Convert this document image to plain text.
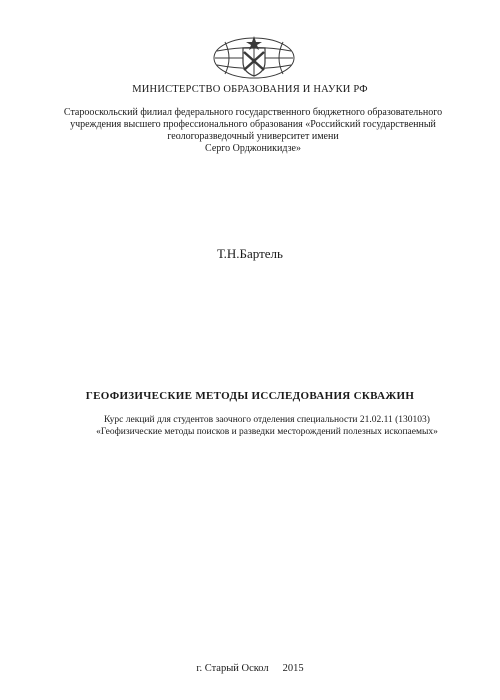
МИНИСТЕРСТВО ОБРАЗОВАНИЯ И НАУКИ РФ
Старооскольский филиал федерального государственного бюджетного образовательного
учреждения высшего профессионального образования «Российский государственный
геологоразведочный университет имени
Серго Орджоникидзе»
Т.Н.Бартель
ГЕОФИЗИЧЕСКИЕ МЕТОДЫ ИССЛЕДОВАНИЯ СКВАЖИН
Курс лекций для студентов заочного отделения специальности 21.02.11 (130103)
«Геофизические методы поисков и разведки месторождений полезных ископаемых»
г. Старый Оскол 2015
